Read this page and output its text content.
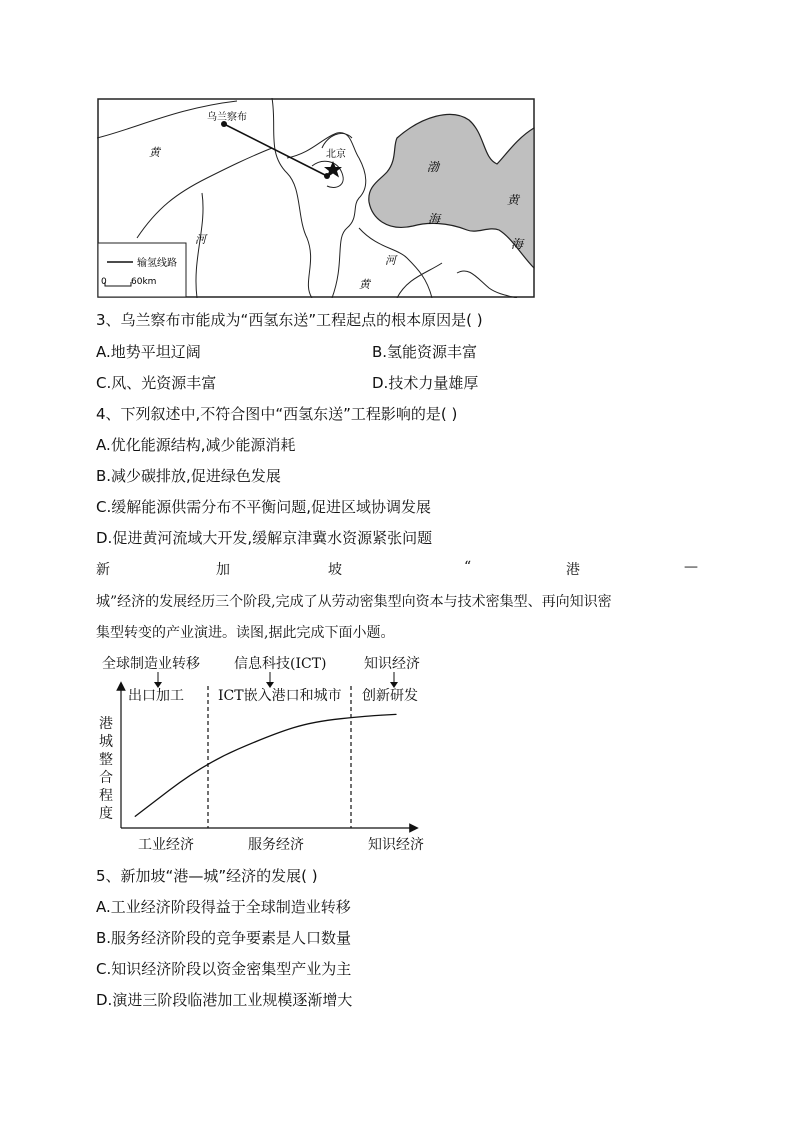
乌兰察布
北京
黄
河
河
黄
渤
海
黄
海
输氢线路
0	60km
3、乌兰察布市能成为“西氢东送”工程起点的根本原因是( )
A.地势平坦辽阔	B.氢能资源丰富
C.风、光资源丰富	D.技术力量雄厚
4、下列叙述中,不符合图中“西氢东送”工程影响的是( )
A.优化能源结构,减少能源消耗
B.减少碳排放,促进绿色发展
C.缓解能源供需分布不平衡问题,促进区域协调发展
D.促进黄河流域大开发,缓解京津冀水资源紧张问题
新	加	坡	“	港	—
城”经济的发展经历三个阶段,完成了从劳动密集型向资本与技术密集型、再向知识密
集型转变的产业演进。读图,据此完成下面小题。
全球制造业转移 信息科技(ICT)	知识经济
出口加工 ICT嵌入港口和城市 创新研发
港
城
整
合
程
度
工业经济	服务经济	知识经济
5、新加坡“港—城”经济的发展( )
A.工业经济阶段得益于全球制造业转移
B.服务经济阶段的竞争要素是人口数量
C.知识经济阶段以资金密集型产业为主
D.演进三阶段临港加工业规模逐渐增大
